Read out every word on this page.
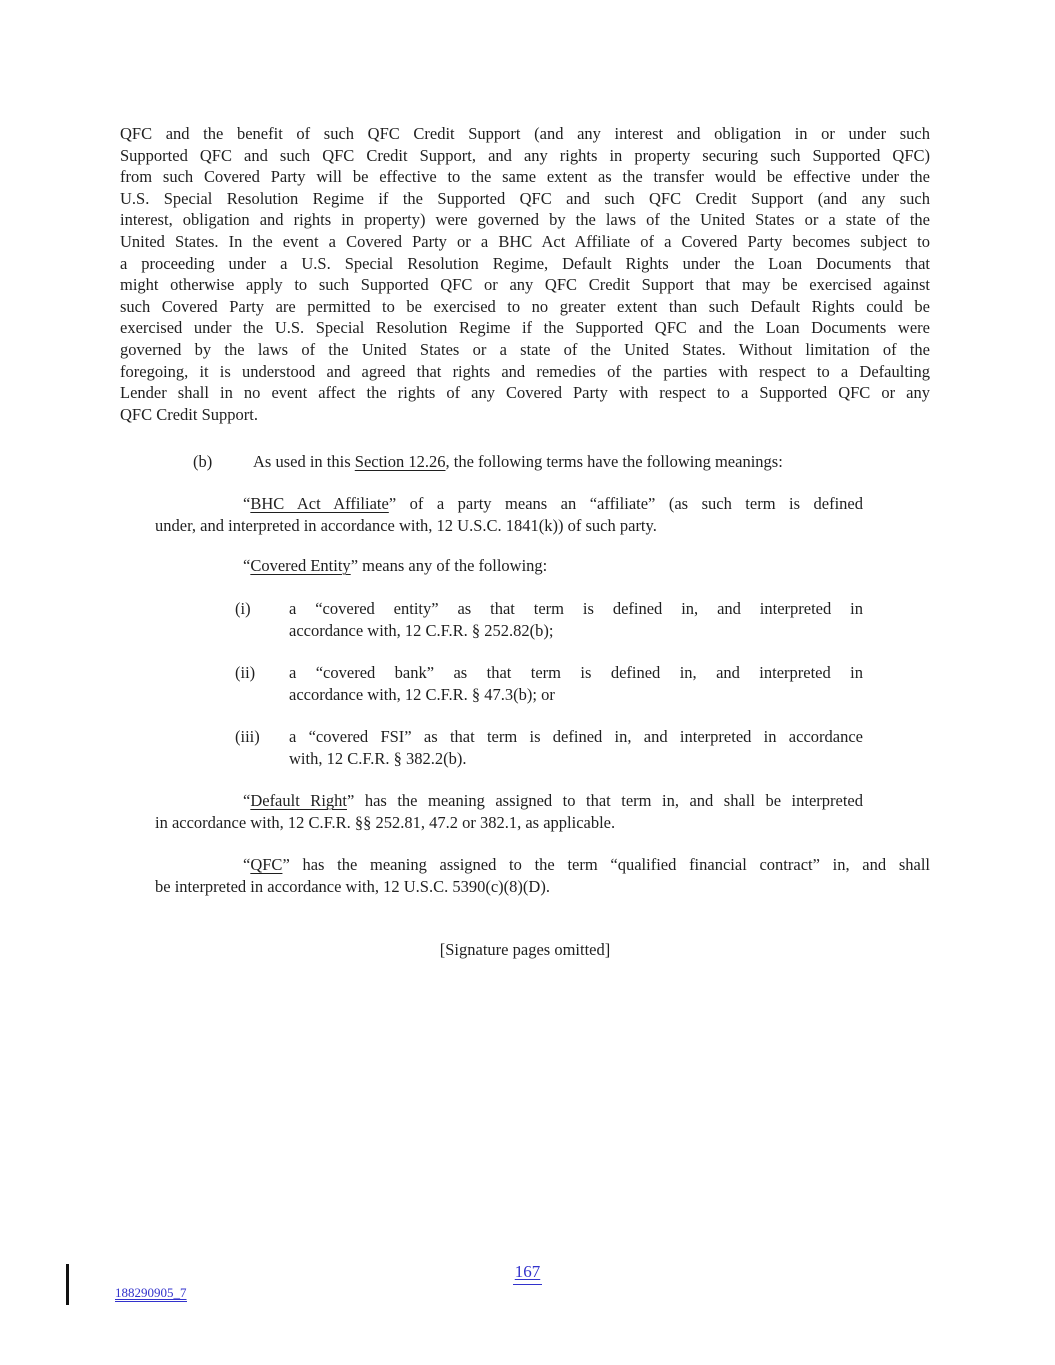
QFC and the benefit of such QFC Credit Support (and any interest and obligation in or under such
Supported QFC and such QFC Credit Support, and any rights in property securing such Supported QFC)
from such Covered Party will be effective to the same extent as the transfer would be effective under the
U.S. Special Resolution Regime if the Supported QFC and such QFC Credit Support (and any such
interest, obligation and rights in property) were governed by the laws of the United States or a state of the
United States. In the event a Covered Party or a BHC Act Affiliate of a Covered Party becomes subject to
a proceeding under a U.S. Special Resolution Regime, Default Rights under the Loan Documents that
might otherwise apply to such Supported QFC or any QFC Credit Support that may be exercised against
such Covered Party are permitted to be exercised to no greater extent than such Default Rights could be
exercised under the U.S. Special Resolution Regime if the Supported QFC and the Loan Documents were
governed by the laws of the United States or a state of the United States. Without limitation of the
foregoing, it is understood and agreed that rights and remedies of the parties with respect to a Defaulting
Lender shall in no event affect the rights of any Covered Party with respect to a Supported QFC or any
QFC Credit Support.
(b) As used in this Section 12.26, the following terms have the following meanings:
“BHC Act Affiliate” of a party means an “affiliate” (as such term is defined
under, and interpreted in accordance with, 12 U.S.C. 1841(k)) of such party.
“Covered Entity” means any of the following:
(i) a “covered entity” as that term is defined in, and interpreted in
accordance with, 12 C.F.R. § 252.82(b);
(ii) a “covered bank” as that term is defined in, and interpreted in
accordance with, 12 C.F.R. § 47.3(b); or
(iii) a “covered FSI” as that term is defined in, and interpreted in accordance
with, 12 C.F.R. § 382.2(b).
“Default Right” has the meaning assigned to that term in, and shall be interpreted
in accordance with, 12 C.F.R. §§ 252.81, 47.2 or 382.1, as applicable.
“QFC” has the meaning assigned to the term “qualified financial contract” in, and shall
be interpreted in accordance with, 12 U.S.C. 5390(c)(8)(D).
[Signature pages omitted]
167
188290905_7
